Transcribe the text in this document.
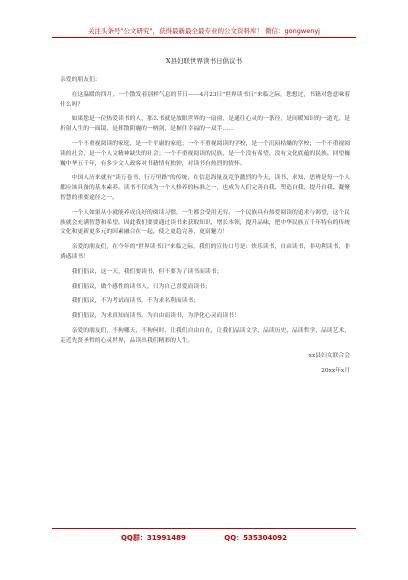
关注头条号"公文研究"，获得最新最全最专业的公文资料库！ 微信：gongwenyj
X县妇联世界读书日倡议书

亲爱的朋友们：

在这温暖的四月，一个散发着别样气息的节日——4月23日"世界读书日"来临之际，您想过，书籍对您意味着什么吗？

如果您是一位热爱读书的人，那么书就是放眼世界的一扇窗，是通往心灵的一条径，是间暖知识的一道光，是折射人生的一面镜，是挥散阴霾的一柄剑，是握住幸福的一双手……

一个不重视阅读的家庭，是一个平庸的家庭；一个不重视阅读的学校，是一个沉闷枯燥的学校；一个不重视阅读的社会，是一个人文精神缺失的社会；一个不重视阅读的民族，是一个没有希望、没有文化底蕴的民族。回望巍巍中华五千年，有多少文人政客对书籍情有独钟，对读书有热烈的情怀。

中国人历来就有"读万卷书，行万里路"的传统，在信息海量及竞争激烈的今天，读书、求知、思辨是每一个人都应该具备的基本素养。读书不仅成为一个人修养的标准之一，也成为人们完善自我、塑造自我、提升自我、凝聚智慧的重要途径之一。

一个人如果从小就能养成良好的阅读习惯，一生都会受用无穷。一个民族具有热爱阅读的追求与渴望，这个民族就会充满智慧和希望。因此我们要要通过读书来获取知识，增长本领，提升品味，把中华民族五千年特有的传统文化和更新更多元的因素融合在一起，使之更趋完善，更富魅力！

亲爱的朋友们，在今年的"世界读书日"来临之际，我们的宣传口号是：快乐读书，自由读书，非功利读书，非诱惑读书！

我们倡议，这一天，我们要读书，但不要为了读书而读书；

我们倡议，做个感性的读书人，只为自己喜爱而读书；

我们倡议，不为考试而读书，不为求名利而读书；

我们倡议，为求真知而读书，为自由而读书，为净化心灵而读书！

亲爱的朋友们，不拘哪天，不拘何时，让我们自由自在，让我们品读文学、品读历史、品读哲学、品读艺术，走近先贤圣哲的心灵世界，品读出我们精彩的人生。

xx县妇女联合会
20xx年x月
QQ群：31991489	QQ：535304092
